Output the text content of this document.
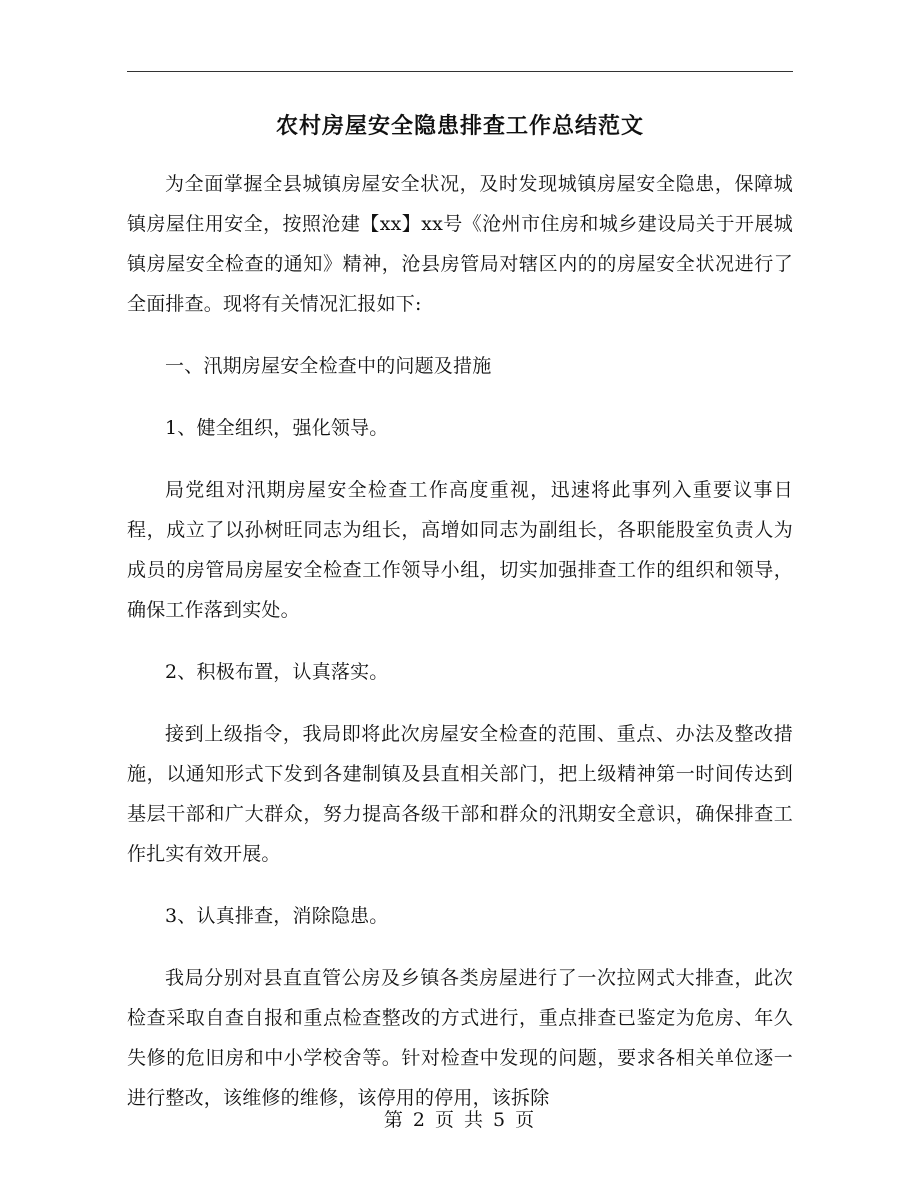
农村房屋安全隐患排查工作总结范文

为全面掌握全县城镇房屋安全状况，及时发现城镇房屋安全隐患，保障城镇房屋住用安全，按照沧建【xx】xx号《沧州市住房和城乡建设局关于开展城镇房屋安全检查的通知》精神，沧县房管局对辖区内的的房屋安全状况进行了全面排查。现将有关情况汇报如下:

一、汛期房屋安全检查中的问题及措施

1、健全组织，强化领导。

局党组对汛期房屋安全检查工作高度重视，迅速将此事列入重要议事日程，成立了以孙树旺同志为组长，高增如同志为副组长，各职能股室负责人为成员的房管局房屋安全检查工作领导小组，切实加强排查工作的组织和领导，确保工作落到实处。

2、积极布置，认真落实。

接到上级指令，我局即将此次房屋安全检查的范围、重点、办法及整改措施，以通知形式下发到各建制镇及县直相关部门，把上级精神第一时间传达到基层干部和广大群众，努力提高各级干部和群众的汛期安全意识，确保排查工作扎实有效开展。

3、认真排查，消除隐患。

我局分别对县直直管公房及乡镇各类房屋进行了一次拉网式大排查，此次检查采取自查自报和重点检查整改的方式进行，重点排查已鉴定为危房、年久失修的危旧房和中小学校舍等。针对检查中发现的问题，要求各相关单位逐一进行整改，该维修的维修，该停用的停用，该拆除

第 2 页 共 5 页
